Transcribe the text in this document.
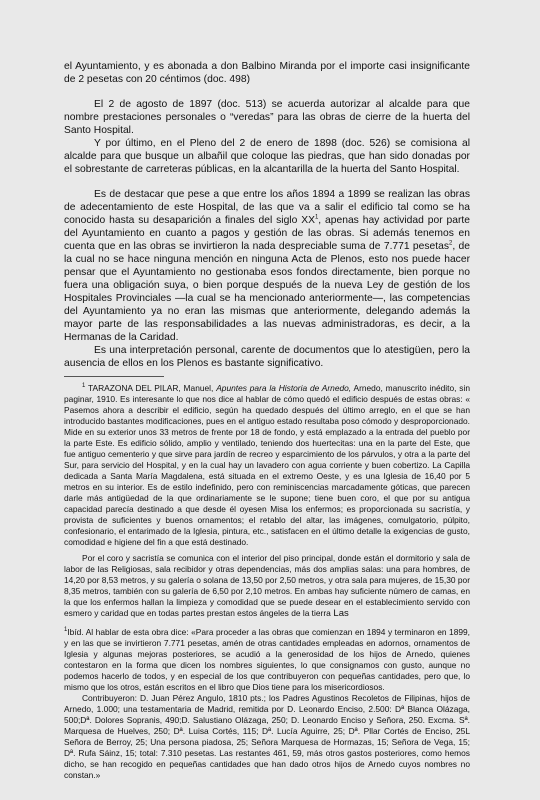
el Ayuntamiento, y es abonada a don Balbino Miranda por el importe casi insignificante de 2 pesetas con 20 céntimos (doc. 498)

El 2 de agosto de 1897 (doc. 513) se acuerda autorizar al alcalde para que nombre prestaciones personales o “veredas” para las obras de cierre de la huerta del Santo Hospital.

Y por último, en el Pleno del 2 de enero de 1898 (doc. 526) se comisiona al alcalde para que busque un albañil que coloque las piedras, que han sido donadas por el sobrestante de carreteras públicas, en la alcantarilla de la huerta del Santo Hospital.

Es de destacar que pese a que entre los años 1894 a 1899 se realizan las obras de adecentamiento de este Hospital, de las que va a salir el edificio tal como se ha conocido hasta su desaparición a finales del siglo $XX^1$, apenas hay actividad por parte del Ayuntamiento en cuanto a pagos y gestión de las obras. Si además tenemos en cuenta que en las obras se invirtieron la nada despreciable suma de 7.771 pesetas$^2$, de la cual no se hace ninguna mención en ninguna Acta de Plenos, esto nos puede hacer pensar que el Ayuntamiento no gestionaba esos fondos directamente, bien porque no fuera una obligación suya, o bien porque después de la nueva Ley de gestión de los Hospitales Provinciales —la cual se ha mencionado anteriormente—, las competencias del Ayuntamiento ya no eran las mismas que anteriormente, delegando además la mayor parte de las responsabilidades a las nuevas administradoras, es decir, a la Hermanas de la Caridad.

Es una interpretación personal, carente de documentos que lo atestigüen, pero la ausencia de ellos en los Plenos es bastante significativo.

$^1$ TARAZONA DEL PILAR, Manuel, Apuntes para la Historia de Arnedo, Arnedo, manuscrito inédito, sin paginar, 1910. Es interesante lo que nos dice al hablar de cómo quedó el edificio después de estas obras: « Pasemos ahora a describir el edificio, según ha quedado después del último arreglo, en el que se han introducido bastantes modificaciones, pues en el antiguo estado resultaba poso cómodo y desproporcionado. Mide en su exterior unos 33 metros de frente por 18 de fondo, y está emplazado a la entrada del pueblo por la parte Este. Es edificio sólido, amplio y ventilado, teniendo dos huertecitas: una en la parte del Este, que fue antiguo cementerio y que sirve para jardín de recreo y esparcimiento de los párvulos, y otra a la parte del Sur, para servicio del Hospital, y en la cual hay un lavadero con agua corriente y buen cobertizo. La Capilla dedicada a Santa María Magdalena, está situada en el extremo Oeste, y es una Iglesia de 16,40 por 5 metros en su interior. Es de estilo indefinido, pero con reminiscencias marcadamente góticas, que parecen darle más antigüedad de la que ordinariamente se le supone; tiene buen coro, el que por su antigua capacidad parecía destinado a que desde él oyesen Misa los enfermos; es proporcionada su sacristía, y provista de suficientes y buenos ornamentos; el retablo del altar, las imágenes, comulgatorio, púlpito, confesionario, el entarimado de la Iglesia, pintura, etc., satisfacen en el último detalle la exigencias de gusto, comodidad e higiene del fin a que está destinado.

Por el coro y sacristía se comunica con el interior del piso principal, donde están el dormitorio y sala de labor de las Religiosas, sala recibidor y otras dependencias, más dos amplias salas: una para hombres, de 14,20 por 8,53 metros, y su galería o solana de 13,50 por 2,50 metros, y otra sala para mujeres, de 15,30 por 8,35 metros, también con su galería de 6,50 por 2,10 metros. En ambas hay suficiente número de camas, en la que los enfermos hallan la limpieza y comodidad que se puede desear en el establecimiento servido con esmero y caridad que en todas partes prestan estos ángeles de la tierra Las

$^1$Ibíd. Al hablar de esta obra dice: «Para proceder a las obras que comienzan en 1894 y terminaron en 1899, y en las que se invirtieron 7.771 pesetas, amén de otras cantidades empleadas en adornos, ornamentos de Iglesia y algunas mejoras posteriores, se acudió a la generosidad de los hijos de Arnedo, quienes contestaron en la forma que dicen los nombres siguientes, lo que consignamos con gusto, aunque no podemos hacerlo de todos, y en especial de los que contribuyeron con pequeñas cantidades, pero que, lo mismo que los otros, están escritos en el libro que Dios tiene para los misericordiosos.

Contribuyeron: D. Juan Pérez Angulo, 1810 pts.; los Padres Agustinos Recoletos de Filipinas, hijos de Arnedo, 1.000; una testamentaria de Madrid, remitida por D. Leonardo Enciso, 2.500: Dª Blanca Olázaga, 500;Dª. Dolores Sopranis, 490;D. Salustiano Olázaga, 250; D. Leonardo Enciso y Señora, 250. Excma. Sª. Marquesa de Huelves, 250; Dª. Luisa Cortés, 115; Dª. Lucía Aguirre, 25; Dª. Pllar Cortés de Enciso, 25L Señora de Berroy, 25; Una persona piadosa, 25; Señora Marquesa de Hormazas, 15; Señora de Vega, 15; Dª. Rufa Sáinz, 15; total: 7.310 pesetas. Las restantes 461, 59, más otros gastos posteriores, como hemos dicho, se han recogido en pequeñas cantidades que han dado otros hijos de Arnedo cuyos nombres no constan.»
